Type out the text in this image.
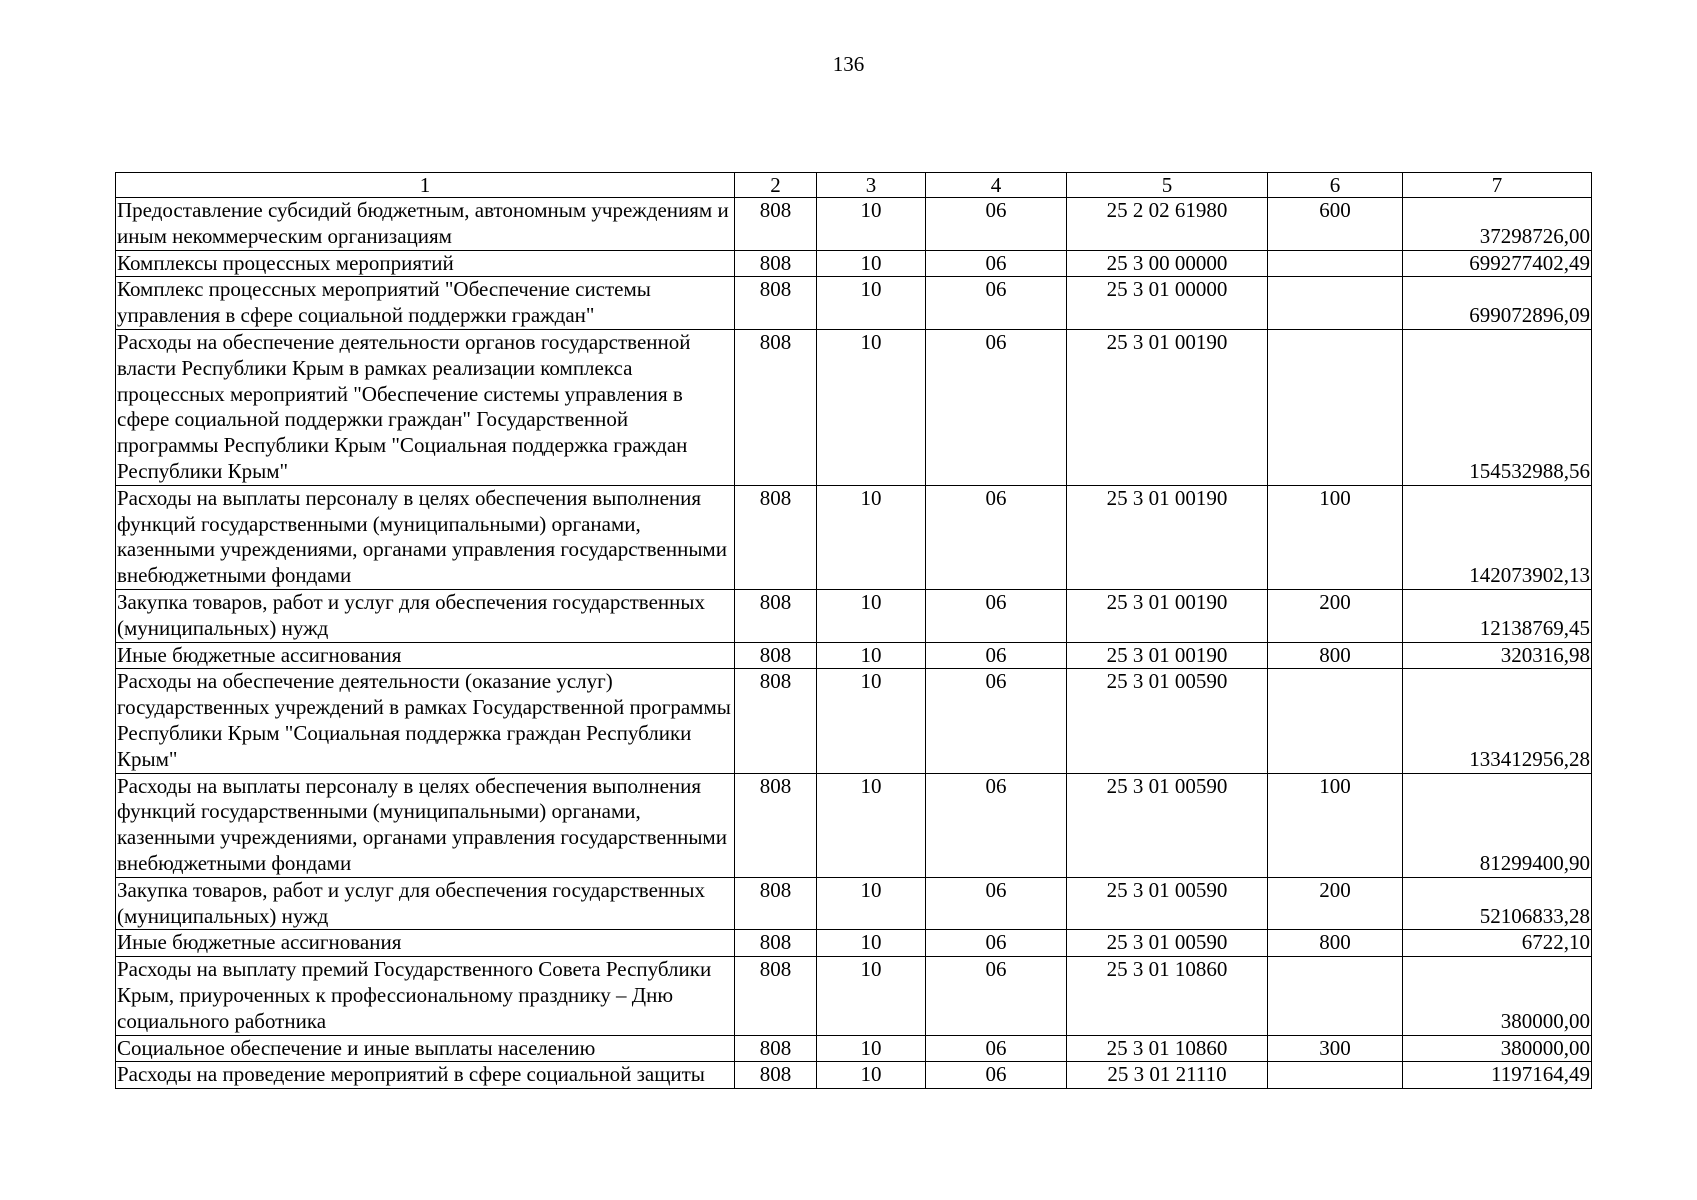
136
1	2	3	4	5	6	7
Предоставление субсидий бюджетным, автономным учреждениям и иным некоммерческим организациям	808	10	06	25 2 02 61980	600	37298726,00
Комплексы процессных мероприятий	808	10	06	25 3 00 00000		699277402,49
Комплекс процессных мероприятий "Обеспечение системы управления в сфере социальной поддержки граждан"	808	10	06	25 3 01 00000		699072896,09
Расходы на обеспечение деятельности органов государственной власти Республики Крым в рамках реализации комплекса процессных мероприятий "Обеспечение системы управления в сфере социальной поддержки граждан" Государственной программы Республики Крым "Социальная поддержка граждан Республики Крым"	808	10	06	25 3 01 00190		154532988,56
Расходы на выплаты персоналу в целях обеспечения выполнения функций государственными (муниципальными) органами, казенными учреждениями, органами управления государственными внебюджетными фондами	808	10	06	25 3 01 00190	100	142073902,13
Закупка товаров, работ и услуг для обеспечения государственных (муниципальных) нужд	808	10	06	25 3 01 00190	200	12138769,45
Иные бюджетные ассигнования	808	10	06	25 3 01 00190	800	320316,98
Расходы на обеспечение деятельности (оказание услуг) государственных учреждений в рамках Государственной программы Республики Крым "Социальная поддержка граждан Республики Крым"	808	10	06	25 3 01 00590		133412956,28
Расходы на выплаты персоналу в целях обеспечения выполнения функций государственными (муниципальными) органами, казенными учреждениями, органами управления государственными внебюджетными фондами	808	10	06	25 3 01 00590	100	81299400,90
Закупка товаров, работ и услуг для обеспечения государственных (муниципальных) нужд	808	10	06	25 3 01 00590	200	52106833,28
Иные бюджетные ассигнования	808	10	06	25 3 01 00590	800	6722,10
Расходы на выплату премий Государственного Совета Республики Крым, приуроченных к профессиональному празднику – Дню социального работника	808	10	06	25 3 01 10860		380000,00
Социальное обеспечение и иные выплаты населению	808	10	06	25 3 01 10860	300	380000,00
Расходы на проведение мероприятий в сфере социальной защиты	808	10	06	25 3 01 21110		1197164,49
